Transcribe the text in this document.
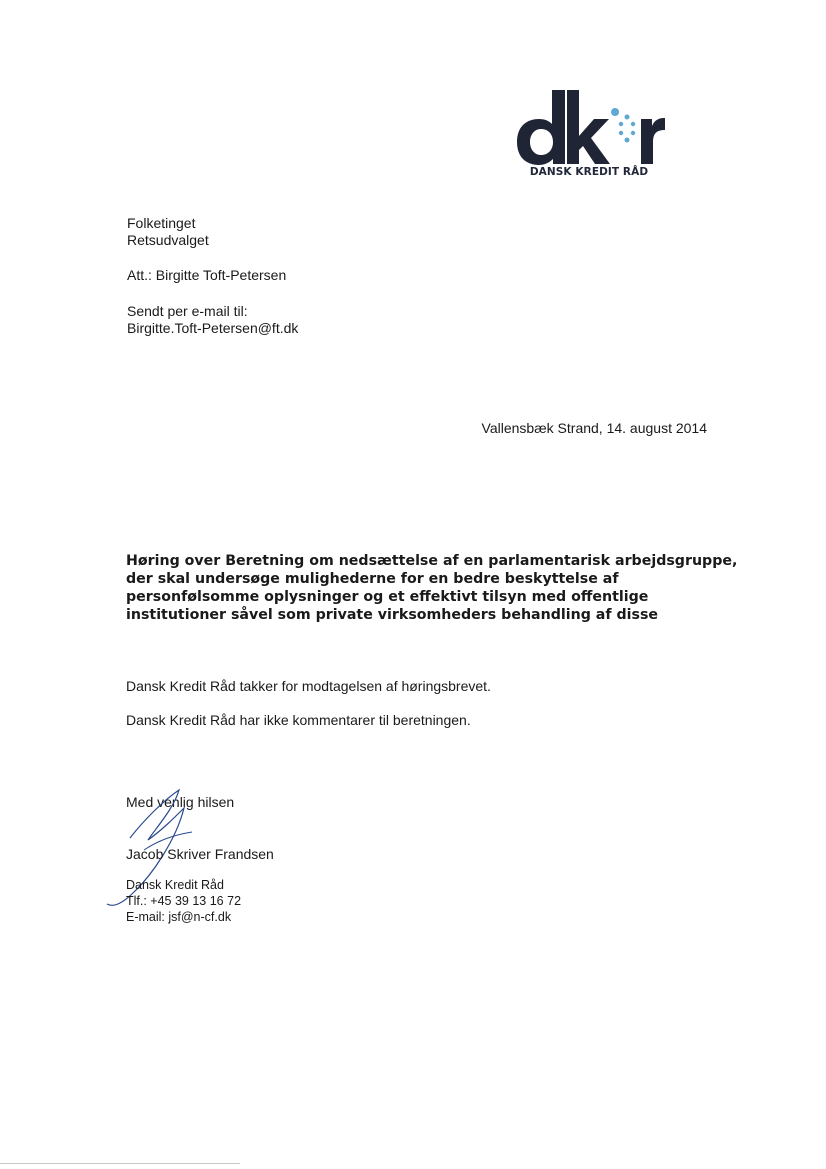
DANSK KREDIT RÅD
Folketinget
Retsudvalget
Att.: Birgitte Toft-Petersen
Sendt per e-mail til:
Birgitte.Toft-Petersen@ft.dk
Vallensbæk Strand, 14. august 2014
Høring over Beretning om nedsættelse af en parlamentarisk arbejdsgruppe,
der skal undersøge mulighederne for en bedre beskyttelse af
personfølsomme oplysninger og et effektivt tilsyn med offentlige
institutioner såvel som private virksomheders behandling af disse
Dansk Kredit Råd takker for modtagelsen af høringsbrevet.
Dansk Kredit Råd har ikke kommentarer til beretningen.
Med venlig hilsen
Jacob Skriver Frandsen
Dansk Kredit Råd
Tlf.: +45 39 13 16 72
E-mail: jsf@n-cf.dk
